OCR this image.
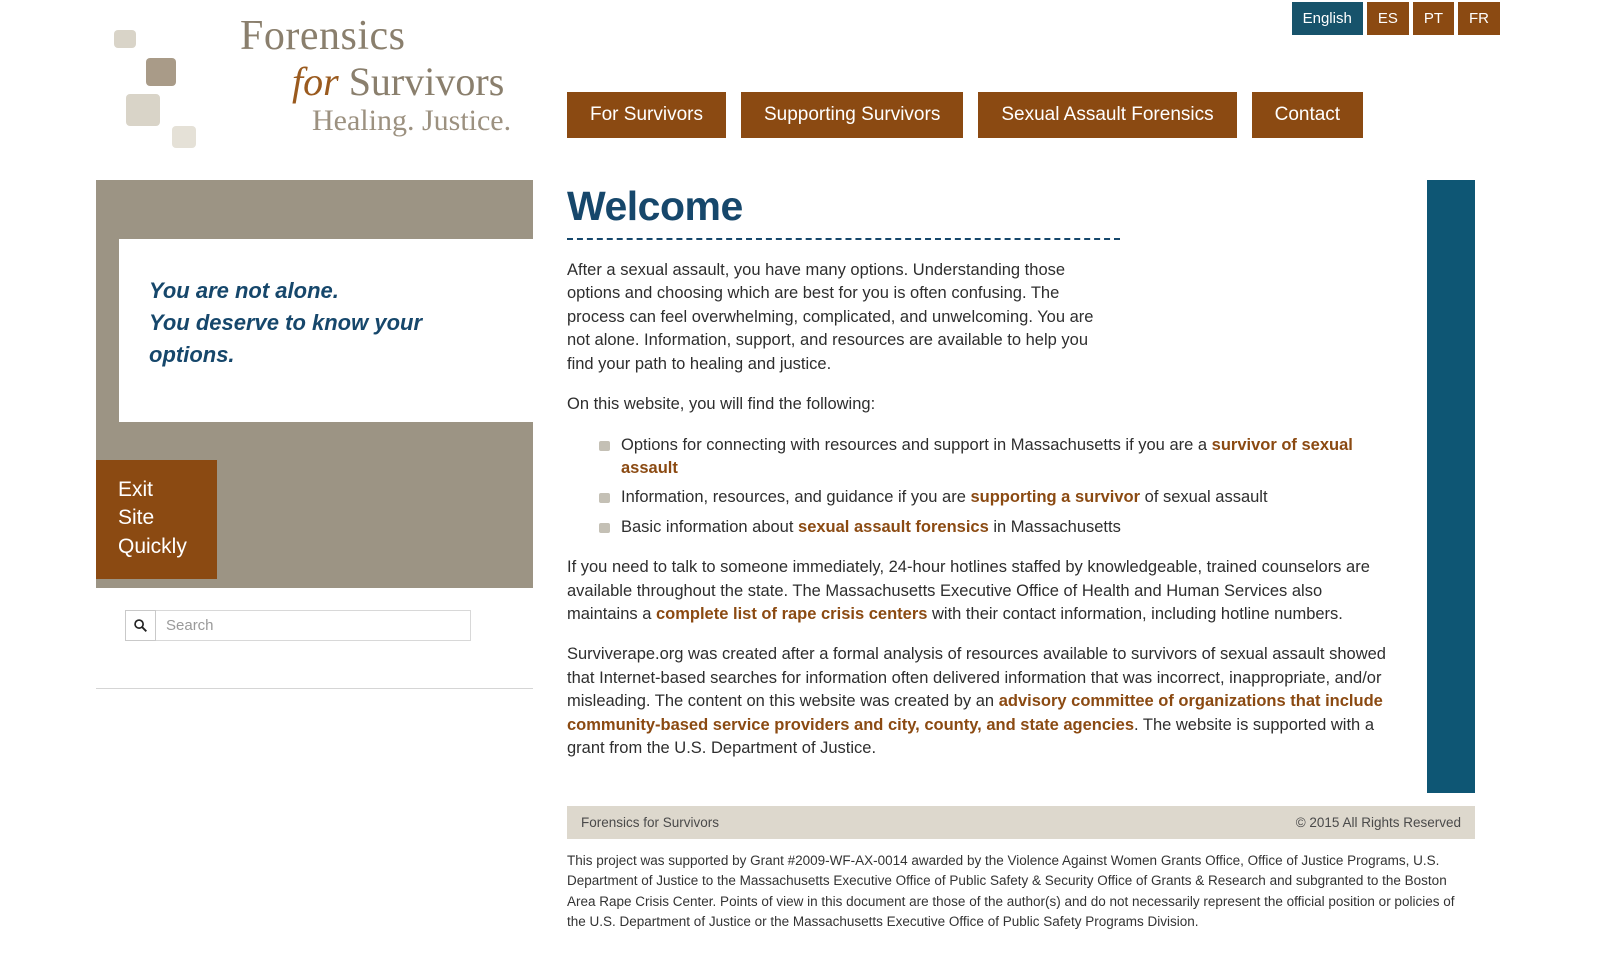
English	ES	PT	FR
Forensics
for Survivors
Healing. Justice.	For Survivors	Supporting Survivors	Sexual Assault Forensics	Contact

You are not alone.

You deserve to know your options.

Exit Site Quickly
Search
Welcome

After a sexual assault, you have many options. Understanding those options and choosing which are best for you is often confusing. The process can feel overwhelming, complicated, and unwelcoming. You are not alone. Information, support, and resources are available to help you find your path to healing and justice.

On this website, you will find the following:

Options for connecting with resources and support in Massachusetts if you are a survivor of sexual assault
Information, resources, and guidance if you are supporting a survivor of sexual assault
Basic information about sexual assault forensics in Massachusetts

If you need to talk to someone immediately, 24-hour hotlines staffed by knowledgeable, trained counselors are available throughout the state. The Massachusetts Executive Office of Health and Human Services also maintains a complete list of rape crisis centers with their contact information, including hotline numbers.

Surviverape.org was created after a formal analysis of resources available to survivors of sexual assault showed that Internet-based searches for information often delivered information that was incorrect, inappropriate, and/or misleading. The content on this website was created by an advisory committee of organizations that include community-based service providers and city, county, and state agencies. The website is supported with a grant from the U.S. Department of Justice.

Forensics for Survivors	© 2015 All Rights Reserved
This project was supported by Grant #2009-WF-AX-0014 awarded by the Violence Against Women Grants Office, Office of Justice Programs, U.S. Department of Justice to the Massachusetts Executive Office of Public Safety & Security Office of Grants & Research and subgranted to the Boston Area Rape Crisis Center. Points of view in this document are those of the author(s) and do not necessarily represent the official position or policies of the U.S. Department of Justice or the Massachusetts Executive Office of Public Safety Programs Division.
